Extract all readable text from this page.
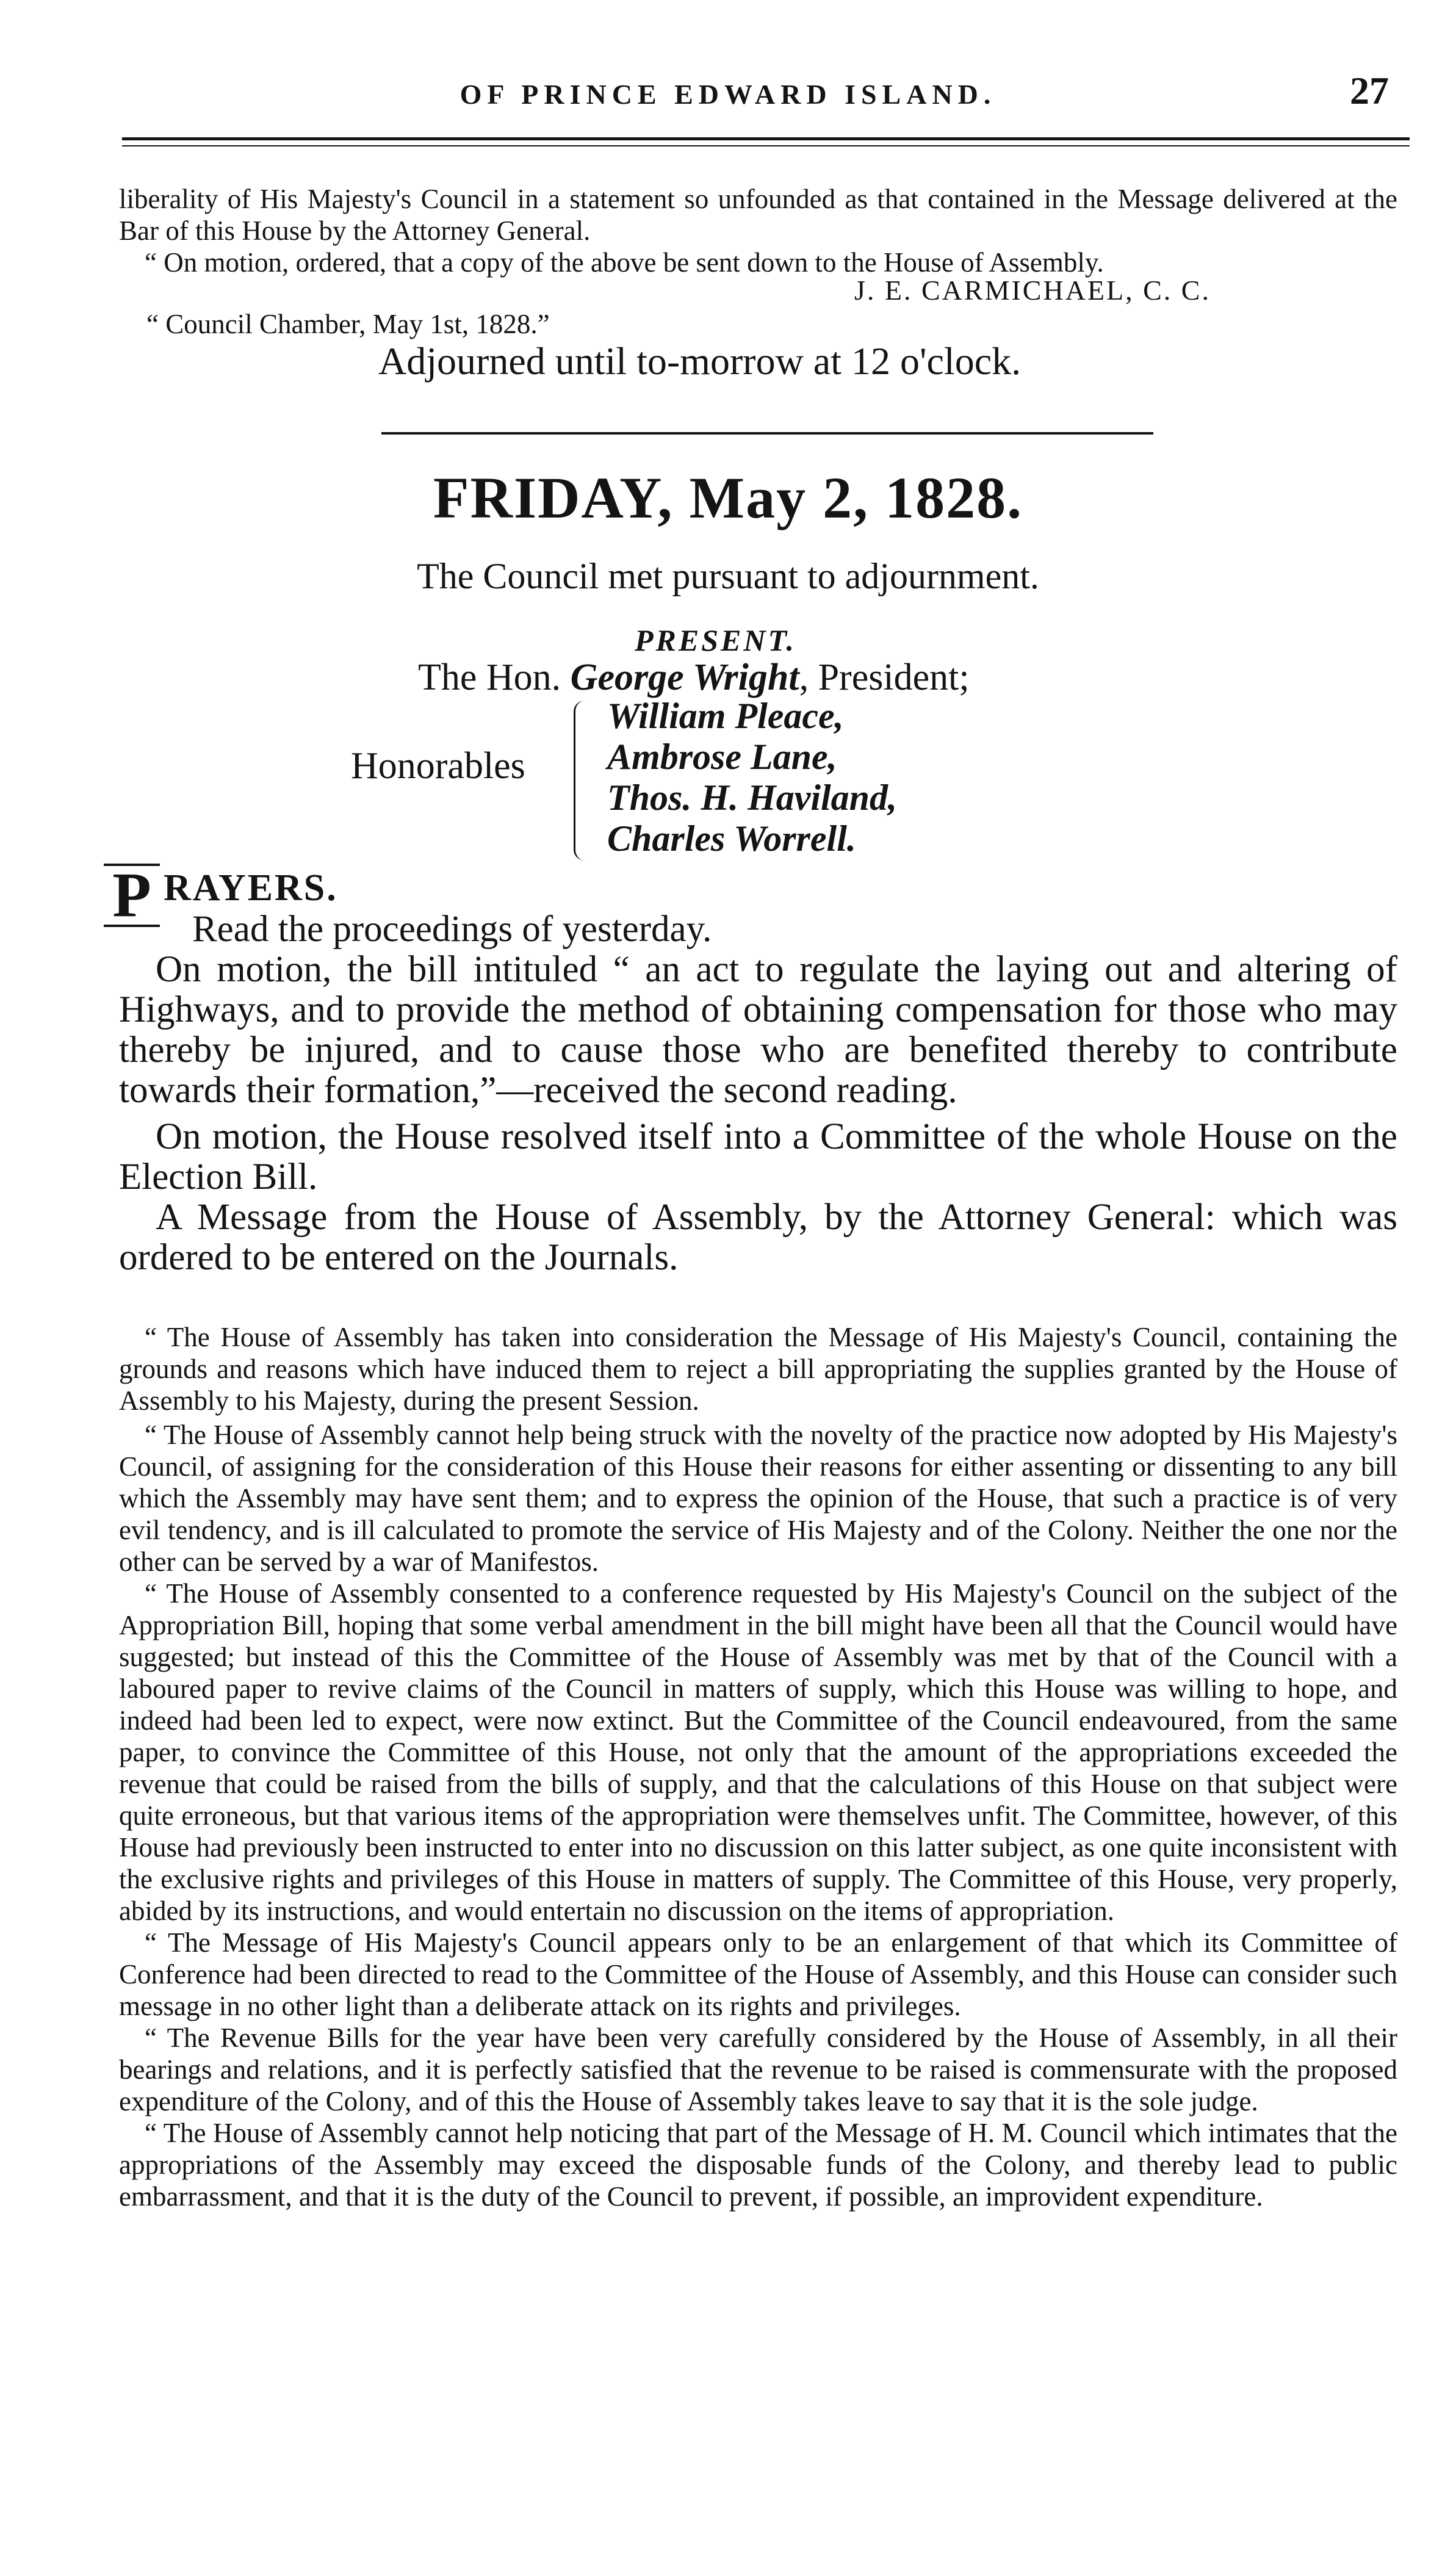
OF PRINCE EDWARD ISLAND.	27

liberality of His Majesty's Council in a statement so unfounded as that contained in the Message delivered at the Bar of this House by the Attorney General.

“ On motion, ordered, that a copy of the above be sent down to the House of Assembly.

J. E. CARMICHAEL, C. C.
“ Council Chamber, May 1st, 1828.”
Adjourned until to-morrow at 12 o'clock.
FRIDAY, May 2, 1828.
The Council met pursuant to adjournment.
PRESENT.
The Hon. George Wright, President;
Honorables
William Pleace,
Ambrose Lane,
Thos. H. Haviland,
Charles Worrell.
P RAYERS.

Read the proceedings of yesterday.

On motion, the bill intituled “ an act to regulate the laying out and altering of Highways, and to provide the method of obtaining compensation for those who may thereby be injured, and to cause those who are benefited thereby to contribute towards their formation,”—received the second reading.

On motion, the House resolved itself into a Committee of the whole House on the Election Bill.

A Message from the House of Assembly, by the Attorney General: which was ordered to be entered on the Journals.

“ The House of Assembly has taken into consideration the Message of His Majesty's Council, containing the grounds and reasons which have induced them to reject a bill appropriating the supplies granted by the House of Assembly to his Majesty, during the present Session.

“ The House of Assembly cannot help being struck with the novelty of the practice now adopted by His Majesty's Council, of assigning for the consideration of this House their reasons for either assenting or dissenting to any bill which the Assembly may have sent them; and to express the opinion of the House, that such a practice is of very evil tendency, and is ill calculated to promote the service of His Majesty and of the Colony. Neither the one nor the other can be served by a war of Manifestos.

“ The House of Assembly consented to a conference requested by His Majesty's Council on the subject of the Appropriation Bill, hoping that some verbal amendment in the bill might have been all that the Council would have suggested; but instead of this the Committee of the House of Assembly was met by that of the Council with a laboured paper to revive claims of the Council in matters of supply, which this House was willing to hope, and indeed had been led to expect, were now extinct. But the Committee of the Council endeavoured, from the same paper, to convince the Committee of this House, not only that the amount of the appropriations exceeded the revenue that could be raised from the bills of supply, and that the calculations of this House on that subject were quite erroneous, but that various items of the appropriation were themselves unfit. The Committee, however, of this House had previously been instructed to enter into no discussion on this latter subject, as one quite inconsistent with the exclusive rights and privileges of this House in matters of supply. The Committee of this House, very properly, abided by its instructions, and would entertain no discussion on the items of appropriation.

“ The Message of His Majesty's Council appears only to be an enlargement of that which its Committee of Conference had been directed to read to the Committee of the House of Assembly, and this House can consider such message in no other light than a deliberate attack on its rights and privileges.

“ The Revenue Bills for the year have been very carefully considered by the House of Assembly, in all their bearings and relations, and it is perfectly satisfied that the revenue to be raised is commensurate with the proposed expenditure of the Colony, and of this the House of Assembly takes leave to say that it is the sole judge.

“ The House of Assembly cannot help noticing that part of the Message of H. M. Council which intimates that the appropriations of the Assembly may exceed the disposable funds of the Colony, and thereby lead to public embarrassment, and that it is the duty of the Council to prevent, if possible, an improvident expenditure.
